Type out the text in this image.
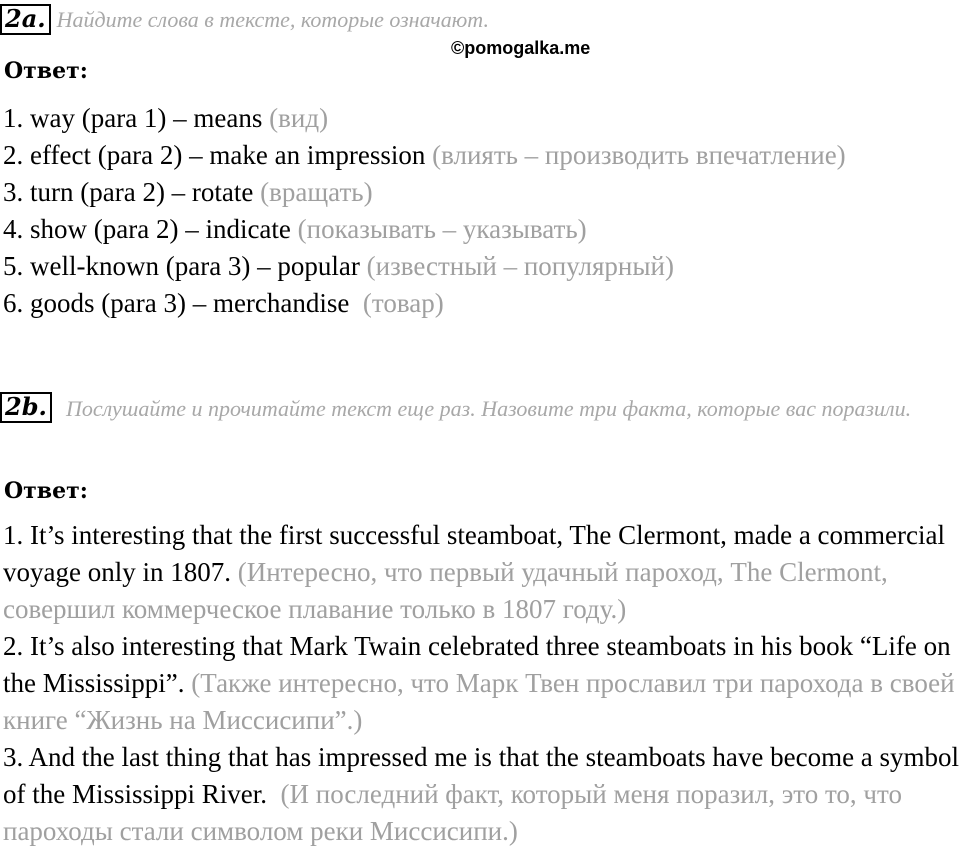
2a. Найдите слова в тексте, которые означают.
©pomogalka.me
Ответ:
1. way (para 1) – means (вид)
2. effect (para 2) – make an impression (влиять – производить впечатление)
3. turn (para 2) – rotate (вращать)
4. show (para 2) – indicate (показывать – указывать)
5. well-known (para 3) – popular (известный – популярный)
6. goods (para 3) – merchandise (товар)
2b. Послушайте и прочитайте текст еще раз. Назовите три факта, которые вас поразили.
Ответ:

1. It’s interesting that the first successful steamboat, The Clermont, made a commercial voyage only in 1807. (Интересно, что первый удачный пароход, The Clermont, совершил коммерческое плавание только в 1807 году.)

2. It’s also interesting that Mark Twain celebrated three steamboats in his book “Life on the Mississippi”. (Также интересно, что Марк Твен прославил три парохода в своей книге “Жизнь на Миссисипи”.)

3. And the last thing that has impressed me is that the steamboats have become a symbol of the Mississippi River. (И последний факт, который меня поразил, это то, что пароходы стали символом реки Миссисипи.)
